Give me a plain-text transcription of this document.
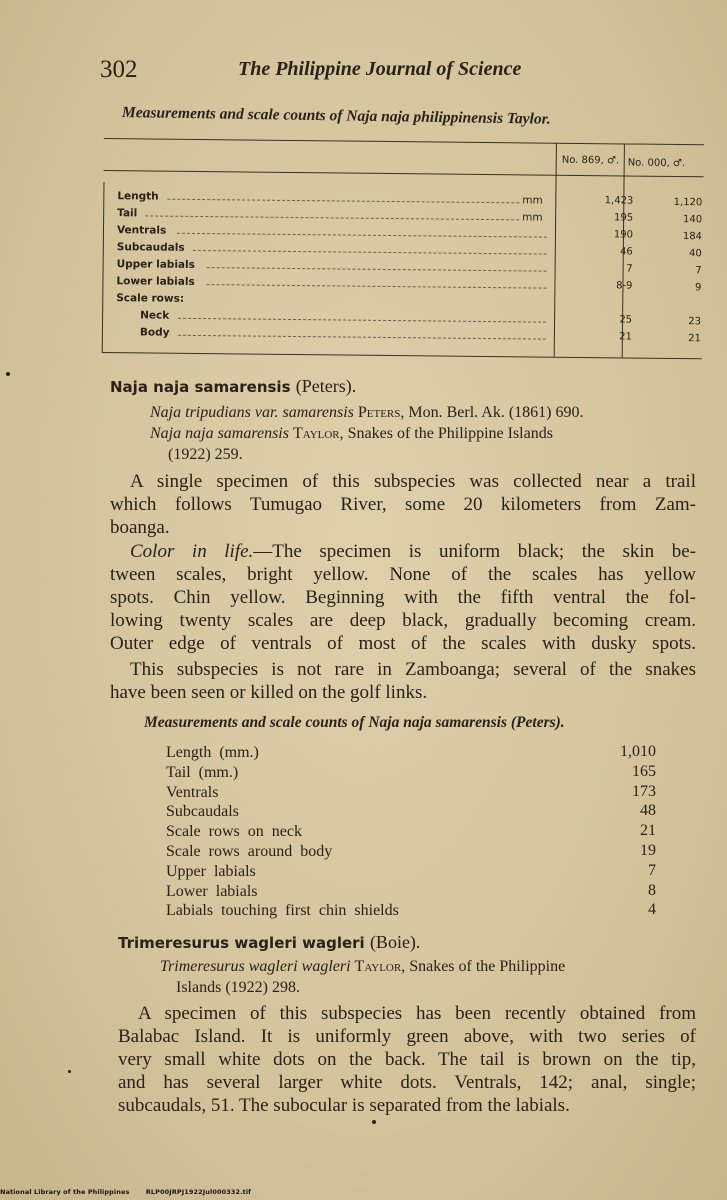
302	The Philippine Journal of Science
Measurements and scale counts of Naja naja philippinensis Taylor.
No. 869, ♂. No. 000, ♂.
Length	mm	1,423	1,120
Tail	mm	195	140
Ventrals	190	184
Subcaudals	46	40
Upper labials	7	7
Lower labials	8-9	9
Scale rows:
Neck	25	23
Body	21	21
Naja naja samarensis (Peters).
Naja tripudians var. samarensis Peters, Mon. Berl. Ak. (1861) 690.
Naja naja samarensis Taylor, Snakes of the Philippine Islands
(1922) 259.
A single specimen of this subspecies was collected near a trail
which follows Tumugao River, some 20 kilometers from Zam-
boanga.
Color in life.—The specimen is uniform black; the skin be-
tween scales, bright yellow. None of the scales has yellow
spots. Chin yellow. Beginning with the fifth ventral the fol-
lowing twenty scales are deep black, gradually becoming cream.
Outer edge of ventrals of most of the scales with dusky spots.
This subspecies is not rare in Zamboanga; several of the snakes
have been seen or killed on the golf links.
Measurements and scale counts of Naja naja samarensis (Peters).
Length (mm.)	1,010
Tail (mm.)	165
Ventrals	173
Subcaudals	48
Scale rows on neck	21
Scale rows around body	19
Upper labials	7
Lower labials	8
Labials touching first chin shields	4
Trimeresurus wagleri wagleri (Boie).
Trimeresurus wagleri wagleri Taylor, Snakes of the Philippine
Islands (1922) 298.
A specimen of this subspecies has been recently obtained from
Balabac Island. It is uniformly green above, with two series of
very small white dots on the back. The tail is brown on the tip,
and has several larger white dots. Ventrals, 142; anal, single;
subcaudals, 51. The subocular is separated from the labials.
National Library of the Philippines	RLP00JRPJ1922Jul000332.tif
